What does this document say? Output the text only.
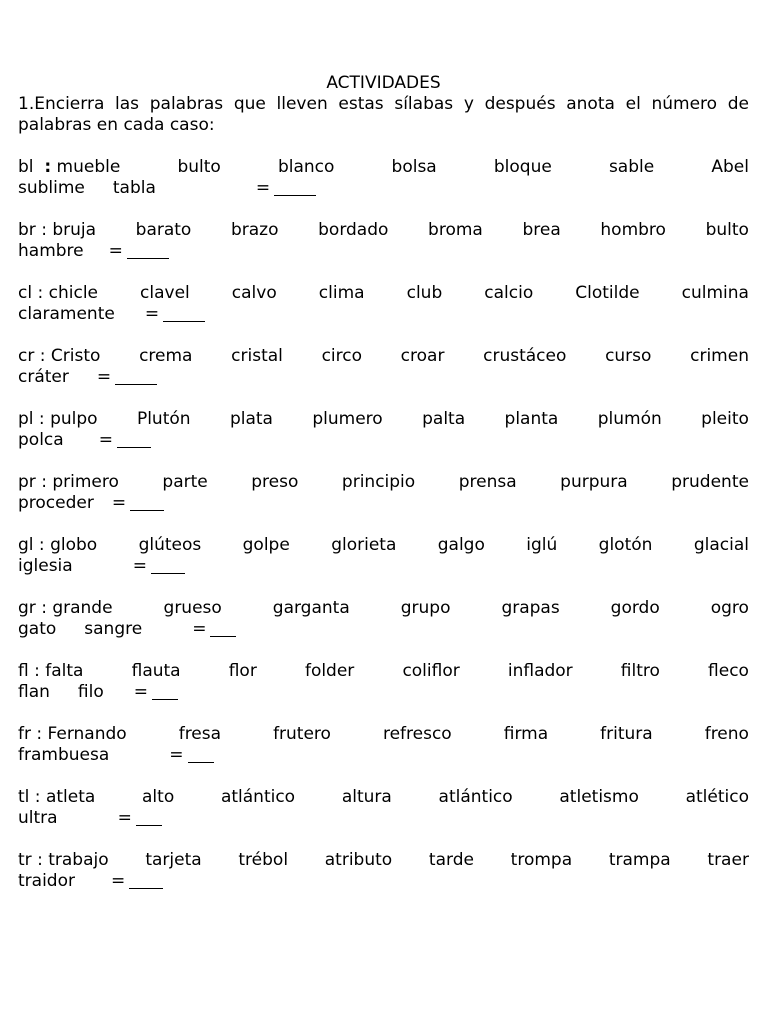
ACTIVIDADES

1.Encierra las palabras que lleven estas sílabas y después anota el número de palabras en cada caso:

bl : mueble	bulto	blanco	bolsa	bloque	sable	Abel
sublime tabla	=
br : bruja barato brazo bordado broma brea hombro bulto
hambre =
cl : chicle clavel calvo clima club calcio Clotilde culmina
claramente =
cr : Cristo crema cristal circo croar crustáceo curso crimen
cráter =
pl : pulpo Plutón plata plumero palta planta plumón pleito
polca =
pr : primero	parte	preso	principio	prensa	purpura	prudente
proceder =
gl : globo glúteos golpe glorieta galgo iglú glotón glacial
iglesia	=
gr : grande	grueso	garganta	grupo	grapas	gordo	ogro
gato sangre	=
fl : falta	flauta	flor	folder	coliflor	inflador	filtro	fleco
flan filo =
fr : Fernando	fresa	frutero	refresco	firma	fritura	freno
frambuesa	=
tl : atleta	alto	atlántico	altura	atlántico	atletismo	atlético
ultra	=
tr : trabajo tarjeta trébol atributo tarde trompa trampa traer
traidor =
